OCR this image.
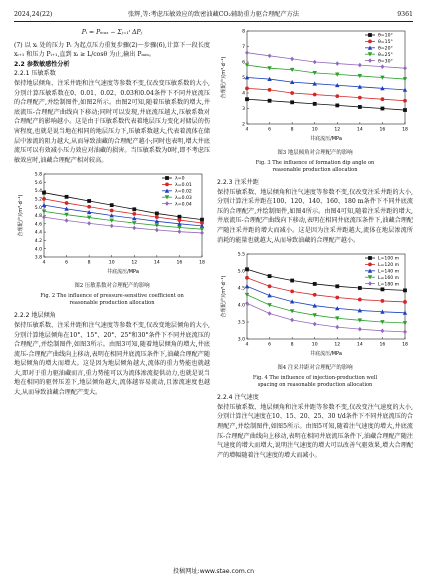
2024,24(22)	张辉,等:考虑压敏效应的致密油藏CO₂辅助重力驱合理配产方法	9361
Pᵢ = Pₘₐₓ − Σⱼ₌₁ⁱ ΔPⱼ

(7) 以 xᵢ 处的压力 Pᵢ 为起点压力重复步骤(2)～步骤(6),计算下一段长度 xᵢ₊₁ 和压力 Pᵢ₊₁,直到 xᵢ ≥ L/cosθ 为止,输出 Pₘᵢₙ。

2.2 参数敏感性分析
2.2.1 压敏系数

保持地层倾角、注采井距和注气速度等参数不变,仅改变压敏系数的大小,分别计算压敏系数在0、0.01、0.02、0.03和0.04条件下不同井底流压的合理配产,并绘制图件,如图2所示。由图2可知,随着压敏系数的增大,井底流压-合理配产曲线向下移动;同时可以发现,井底流压越大,压敏系数对合理配产的影响越小。这是由于压敏系数代表着地层压力变化对储层的伤害程度,也就是说当地在相同的地层压力下,压敏系数越大,代表着流体在储层中渗流的阻力越大,从而导致油藏的合理配产越小;同时也表明,增大井底流压可以有效减小压力效应对油藏的损害。当压敏系数为0时,即不考虑压敏效应时,油藏合理配产相对较高。

4	6	8	10	12	14	16	18
3.8
4.0
4.2
4.4
4.6
4.8
5.0
5.2
5.4
5.6
5.8
井底流压/MPa
合理配产/(m³·d⁻¹)
λ=0
λ=0.01
λ=0.02
λ=0.03
λ=0.04
图2 压敏系数对合理配产的影响
Fig. 2 The influence of pressure-sensitive coefficient on
reasonable production allocation
2.2.2 地层倾角

保持压敏系数、注采井距和注气速度等参数不变,仅改变地层倾角的大小,分别计算地层倾角在10°、15°、20°、25°和30°条件下不同井底流压的合理配产,并绘制图件,如图3所示。由图3可知,随着地层倾角的增大,井底流压-合理配产曲线向上移动,表明在相同井底流压条件下,油藏合理配产随地层倾角的增大而增大。这是因为地层倾角越大,流体的重力势能也就越大,即对于重力驱油藏而言,重力势能可以为流体渗流提供动力,也就是说当地在相同的驱替压差下,地层倾角越大,流体越容易流动,且渗流速度也越大,从而导致油藏合理配产变大。

4	6	8	10	12	14	16	18
2
3
4
5
6
7
8
井底流压/MPa
合理配产/(m³·d⁻¹)
θ=10°
θ=15°
θ=20°
θ=25°
θ=30°
图3 地层倾角对合理配产的影响
Fig. 3 The influence of formation dip angle on
reasonable production allocation
2.2.3 注采井距

保持压敏系数、地层倾角和注气速度等参数不变,仅改变注采井距的大小,分别计算注采井距在100、120、140、160、180 m条件下不同井底流压的合理配产,并绘制图件,如图4所示。由图4可知,随着注采井距的增大,井底流压-合理配产曲线向下移动,表明在相同井底流压条件下,油藏合理配产随注采井距的增大而减小。这是因为注采井距越大,流体在地层渗流所消耗的能量也就越大,从而导致油藏的合理配产越小。

4	6	8	10	12	14	16	18
3.0
3.5
4.0
4.5
5.0
5.5
井底流压/MPa
合理配产/(m³·d⁻¹)
L=100 m
L=120 m
L=140 m
L=160 m
L=180 m
图4 注采井距对合理配产的影响
Fig. 4 The influence of injection-production well
spacing on reasonable production allocation
2.2.4 注气速度

保持压敏系数、地层倾角和注采井距等参数不变,仅改变注气速度的大小,分别计算注气速度在10、15、20、25、30 t/d条件下不同井底流压的合理配产,并绘制图件,如图5所示。由图5可知,随着注气速度的增大,井底流压-合理配产曲线向上移动,表明在相同井底流压条件下,油藏合理配产随注气速度的增大而增大,说明注气速度的增大可以改善气驱效果,增大合理配产的增幅随着注气速度的增大而减小。

投稿网址:www.stae.com.cn
